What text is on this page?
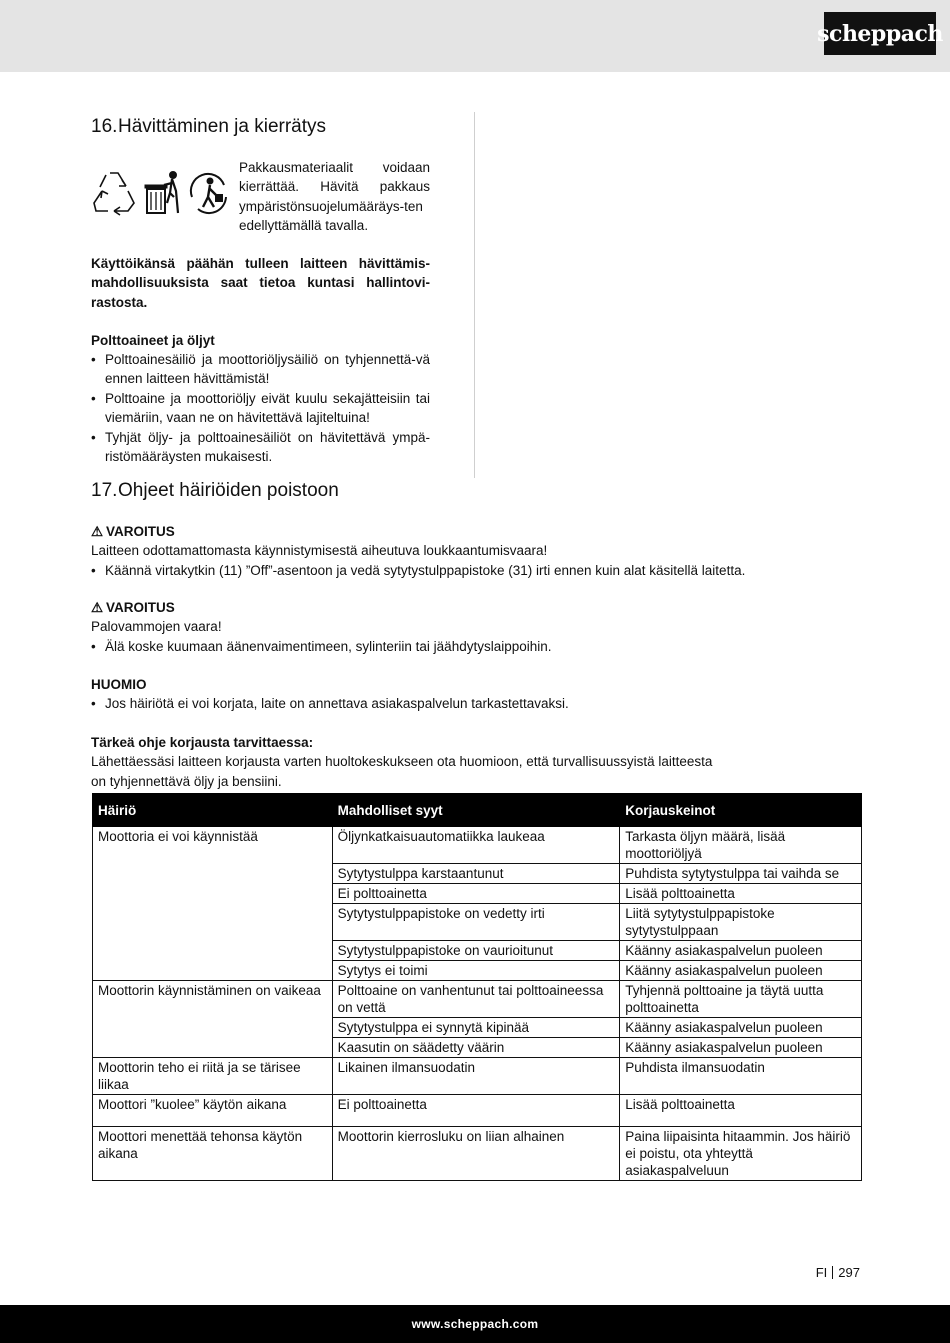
scheppach
16.Hävittäminen ja kierrätys
Pakkausmateriaalit voidaan kierrättää. Hävitä pakkaus ympäristönsuojelumääräys-ten edellyttämällä tavalla.
Käyttöikänsä päähän tulleen laitteen hävittämis-mahdollisuuksista saat tietoa kuntasi hallintovi-rastosta.
Polttoaineet ja öljyt
• Polttoainesäiliö ja moottoriöljysäiliö on tyhjennettä-vä ennen laitteen hävittämistä!
• Polttoaine ja moottoriöljy eivät kuulu sekajätteisiin tai viemäriin, vaan ne on hävitettävä lajiteltuina!
• Tyhjät öljy- ja polttoainesäiliöt on hävitettävä ympä-ristömääräysten mukaisesti.
17.Ohjeet häiriöiden poistoon
⚠ VAROITUS
Laitteen odottamattomasta käynnistymisestä aiheutuva loukkaantumisvaara!
• Käännä virtakytkin (11) ”Off”-asentoon ja vedä sytytystulppapistoke (31) irti ennen kuin alat käsitellä laitetta.
⚠ VAROITUS
Palovammojen vaara!
• Älä koske kuumaan äänenvaimentimeen, sylinteriin tai jäähdytyslaippoihin.
HUOMIO
• Jos häiriötä ei voi korjata, laite on annettava asiakaspalvelun tarkastettavaksi.
Tärkeä ohje korjausta tarvittaessa:
Lähettäessäsi laitteen korjausta varten huoltokeskukseen ota huomioon, että turvallisuussyistä laitteesta
on tyhjennettävä öljy ja bensiini.
Häiriö	Mahdolliset syyt	Korjauskeinot
Moottoria ei voi käynnistää	Öljynkatkaisuautomatiikka laukeaa	Tarkasta öljyn määrä, lisää moottoriöljyä
	Sytytystulppa karstaantunut	Puhdista sytytystulppa tai vaihda se
	Ei polttoainetta	Lisää polttoainetta
	Sytytystulppapistoke on vedetty irti	Liitä sytytystulppapistoke sytytystulppaan
	Sytytystulppapistoke on vaurioitunut	Käänny asiakaspalvelun puoleen
	Sytytys ei toimi	Käänny asiakaspalvelun puoleen
Moottorin käynnistäminen on vaikeaa	Polttoaine on vanhentunut tai polttoaineessa on vettä	Tyhjennä polttoaine ja täytä uutta polttoainetta
	Sytytystulppa ei synnytä kipinää	Käänny asiakaspalvelun puoleen
	Kaasutin on säädetty väärin	Käänny asiakaspalvelun puoleen
Moottorin teho ei riitä ja se tärisee liikaa	Likainen ilmansuodatin	Puhdista ilmansuodatin
Moottori ”kuolee” käytön aikana	Ei polttoainetta	Lisää polttoainetta
Moottori menettää tehonsa käytön aikana	Moottorin kierrosluku on liian alhainen	Paina liipaisinta hitaammin. Jos häiriö ei poistu, ota yhteyttä asiakaspalveluun
FI 297
www.scheppach.com
